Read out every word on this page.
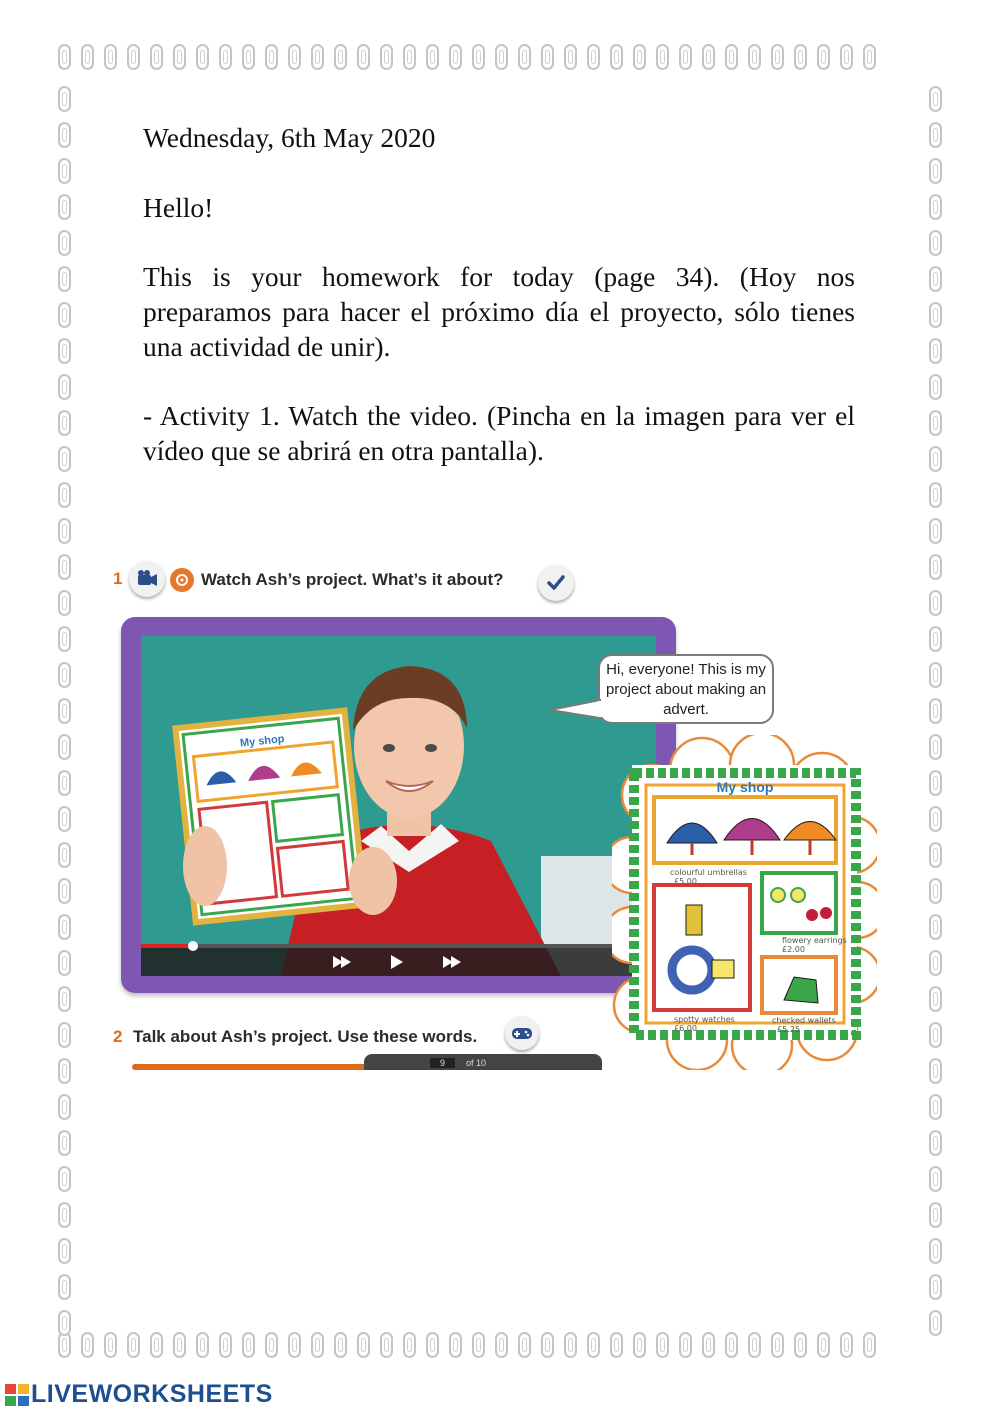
Wednesday, 6th May 2020
Hello!
This is your homework for today (page 34). (Hoy nos preparamos para hacer el próximo día el proyecto, sólo tienes una actividad de unir).
- Activity 1. Watch the video. (Pincha en la imagen para ver el vídeo que se abrirá en otra pantalla).
1	Watch Ash’s project. What’s it about?
My shop
Hi, everyone! This is my project about making an advert.
My shop
colourful umbrellas
£5.00
flowery earrings
£2.00
spotty watches
£6.00
checked wallets
£5.25
2 Talk about Ash’s project. Use these words.
9	of 10
LIVEWORKSHEETS
